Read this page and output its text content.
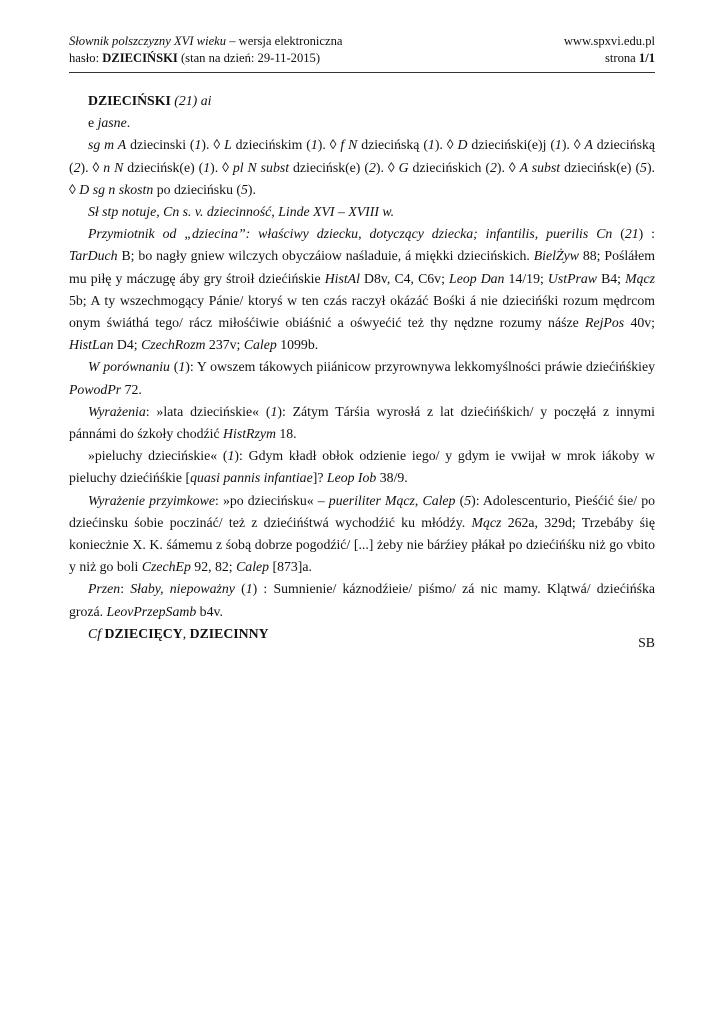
Słownik polszczyzny XVI wieku – wersja elektroniczna	www.spxvi.edu.pl
hasło: DZIECIŃSKI (stan na dzień: 29-11-2015)	strona 1/1

DZIECIŃSKI (21) ai

e jasne.

sg m A dziecinski (1). ◊ L dziecińskim (1). ◊ f N dziecińską (1). ◊ D dzieciński(e)j (1). ◊ A dziecińską (2). ◊ n N dziecińsk(e) (1). ◊ pl N subst dziecińsk(e) (2). ◊ G dziecińskich (2). ◊ A subst dziecińsk(e) (5). ◊ D sg n skostn po dziecińsku (5).

Sł stp notuje, Cn s. v. dziecinność, Linde XVI – XVIII w.

Przymiotnik od „dziecina”: właściwy dziecku, dotyczący dziecka; infantilis, puerilis Cn (21) : TarDuch B; bo nagły gniew wilczych obyczáiow naśladuie, á miękki dziecińskich. BielŻyw 88; Pośláłem mu piłę y máczugę áby gry śtroił dziećińskie HistAl D8v, C4, C6v; Leop Dan 14/19; UstPraw B4; Mącz 5b; A ty wszechmogący Pánie/ ktoryś w ten czás raczył okázáć Bośki á nie dziecińśki rozum mędrcom onym świáthá tego/ rácz miłośćiwie obiáśnić a ośwyećić też thy nędzne rozumy náśze RejPos 40v; HistLan D4; CzechRozm 237v; Calep 1099b.

W porównaniu (1): Y owszem tákowych piiánicow przyrownywa lekkomyślności práwie dziećińśkiey PowodPr 72.

Wyrażenia: »lata dziecińskie« (1): Zátym Tárśia wyrosłá z lat dziećińśkich/ y poczęłá z innymi pánnámi do śzkoły chodźić HistRzym 18.

»pieluchy dziecińskie« (1): Gdym kładł obłok odzienie iego/ y gdym ie vwijał w mrok iákoby w pieluchy dziećińśkie [quasi pannis infantiae]? Leop Iob 38/9.

Wyrażenie przyimkowe: »po dziecińsku« – pueriliter Mącz, Calep (5): Adolescenturio, Pieśćić śie/ po dziećinsku śobie poczináć/ też z dziećińśtwá wychodźić ku młódźy. Mącz 262a, 329d; Trzebáby śię koniecżnie X. K. śámemu z śobą dobrze pogodźić/ [...] żeby nie bárźiey płákał po dziećińśku niż go vbito y niż go boli CzechEp 92, 82; Calep [873]a.

Przen: Słaby, niepoważny (1) : Sumnienie/ káznodźieie/ piśmo/ zá nic mamy. Klątwá/ dziećińśka grozá. LeovPrzepSamb b4v.

Cf DZIECIĘCY, DZIECINNY

SB
